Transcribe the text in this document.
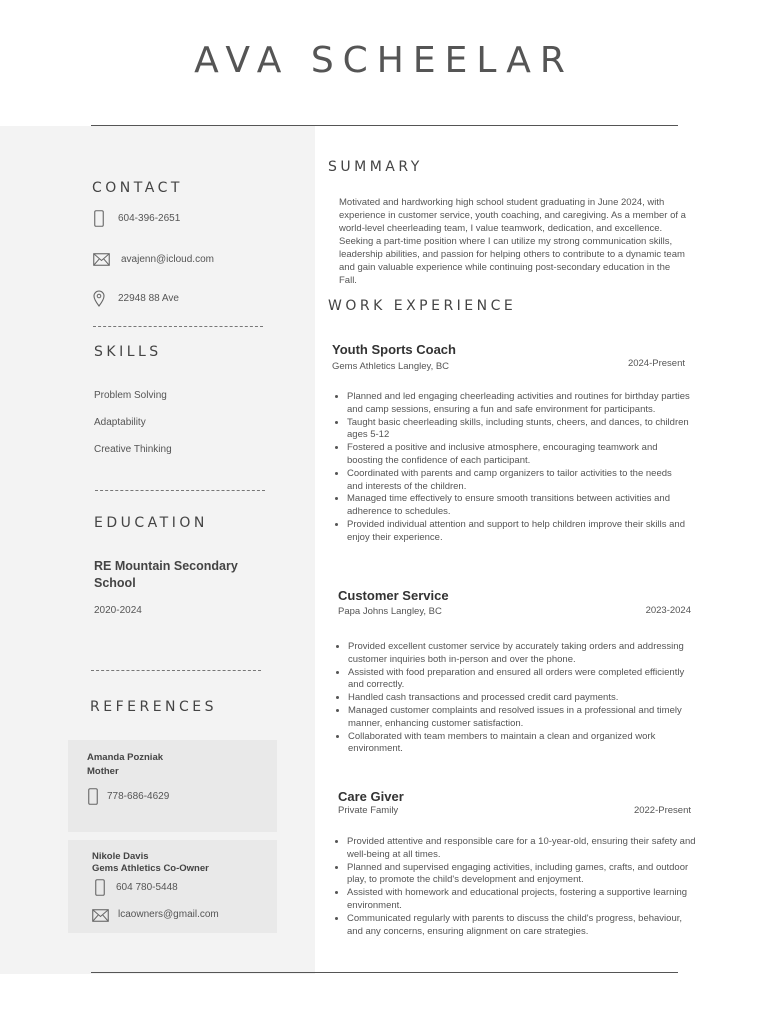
AVA SCHEELAR
CONTACT
604-396-2651
avajenn@icloud.com
22948 88 Ave
SKILLS
Problem Solving
Adaptability
Creative Thinking
EDUCATION
RE Mountain Secondary
School
2020-2024
REFERENCES
Amanda Pozniak
Mother
778-686-4629
Nikole Davis
Gems Athletics Co-Owner
604 780-5448
lcaowners@gmail.com
SUMMARY
Motivated and hardworking high school student graduating in June 2024, with experience in customer service, youth coaching, and caregiving. As a member of a world-level cheerleading team, I value teamwork, dedication, and excellence. Seeking a part-time position where I can utilize my strong communication skills, leadership abilities, and passion for helping others to contribute to a dynamic team and gain valuable experience while continuing post-secondary education in the Fall.
WORK EXPERIENCE
Youth Sports Coach
Gems Athletics Langley, BC	2024-Present
• Planned and led engaging cheerleading activities and routines for birthday parties and camp sessions, ensuring a fun and safe environment for participants.
• Taught basic cheerleading skills, including stunts, cheers, and dances, to children ages 5-12
• Fostered a positive and inclusive atmosphere, encouraging teamwork and boosting the confidence of each participant.
• Coordinated with parents and camp organizers to tailor activities to the needs and interests of the children.
• Managed time effectively to ensure smooth transitions between activities and adherence to schedules.
• Provided individual attention and support to help children improve their skills and enjoy their experience.
Customer Service
Papa Johns Langley, BC	2023-2024
• Provided excellent customer service by accurately taking orders and addressing customer inquiries both in-person and over the phone.
• Assisted with food preparation and ensured all orders were completed efficiently and correctly.
• Handled cash transactions and processed credit card payments.
• Managed customer complaints and resolved issues in a professional and timely manner, enhancing customer satisfaction.
• Collaborated with team members to maintain a clean and organized work environment.
Care Giver
Private Family	2022-Present
• Provided attentive and responsible care for a 10-year-old, ensuring their safety and well-being at all times.
• Planned and supervised engaging activities, including games, crafts, and outdoor play, to promote the child's development and enjoyment.
• Assisted with homework and educational projects, fostering a supportive learning environment.
• Communicated regularly with parents to discuss the child's progress, behaviour, and any concerns, ensuring alignment on care strategies.
